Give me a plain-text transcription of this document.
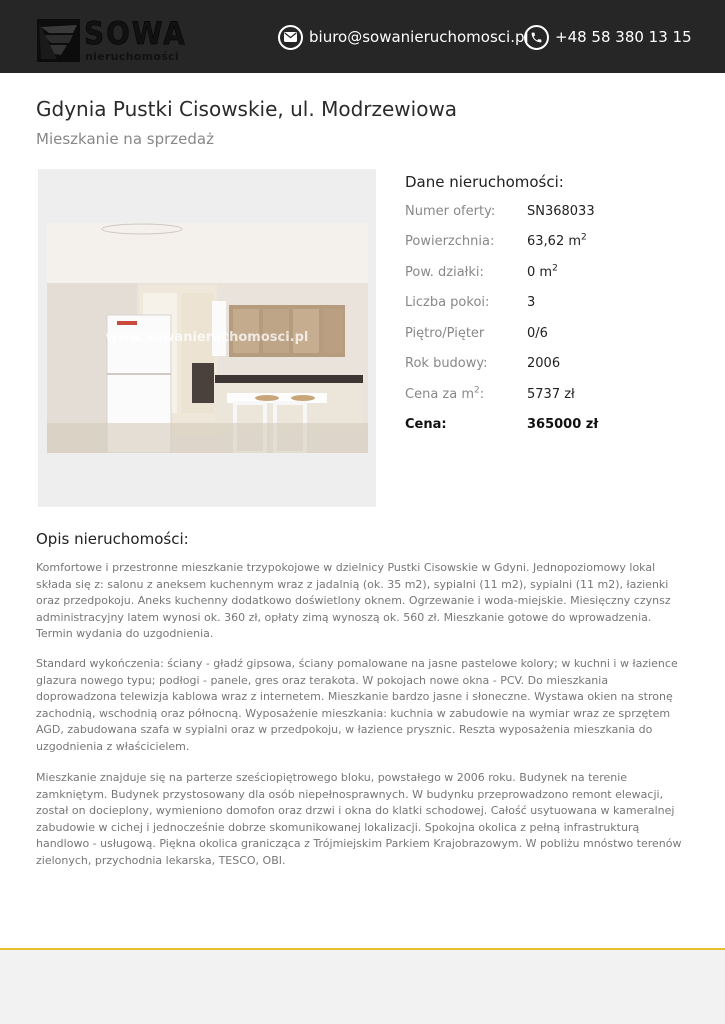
SOWA
nieruchomości
biuro@sowanieruchomosci.pl +48 58 380 13 15
Gdynia Pustki Cisowskie, ul. Modrzewiowa
Mieszkanie na sprzedaż
www.sowanieruchomosci.pl
Dane nieruchomości:
Numer oferty: SN368033
Powierzchnia:	63,62 $m^2$
Pow. działki:	0 $m^2$
Liczba pokoi:	3
Piętro/Pięter	0/6
Rok budowy:	2006
Cena za $m^2$:	5737 zł
Cena:	365000 zł
Opis nieruchomości:

Komfortowe i przestronne mieszkanie trzypokojowe w dzielnicy Pustki Cisowskie w Gdyni. Jednopoziomowy lokal składa się z: salonu z aneksem kuchennym wraz z jadalnią (ok. 35 m2), sypialni (11 m2), sypialni (11 m2), łazienki oraz przedpokoju. Aneks kuchenny dodatkowo doświetlony oknem. Ogrzewanie i woda-miejskie. Miesięczny czynsz administracyjny latem wynosi ok. 360 zł, opłaty zimą wynoszą ok. 560 zł. Mieszkanie gotowe do wprowadzenia. Termin wydania do uzgodnienia.

Standard wykończenia: ściany - gładź gipsowa, ściany pomalowane na jasne pastelowe kolory; w kuchni i w łazience glazura nowego typu; podłogi - panele, gres oraz terakota. W pokojach nowe okna - PCV. Do mieszkania doprowadzona telewizja kablowa wraz z internetem. Mieszkanie bardzo jasne i słoneczne. Wystawa okien na stronę zachodnią, wschodnią oraz północną. Wyposażenie mieszkania: kuchnia w zabudowie na wymiar wraz ze sprzętem AGD, zabudowana szafa w sypialni oraz w przedpokoju, w łazience prysznic. Reszta wyposażenia mieszkania do uzgodnienia z właścicielem.

Mieszkanie znajduje się na parterze sześciopiętrowego bloku, powstałego w 2006 roku. Budynek na terenie zamkniętym. Budynek przystosowany dla osób niepełnosprawnych. W budynku przeprowadzono remont elewacji, został on docieplony, wymieniono domofon oraz drzwi i okna do klatki schodowej. Całość usytuowana w kameralnej zabudowie w cichej i jednocześnie dobrze skomunikowanej lokalizacji. Spokojna okolica z pełną infrastrukturą handlowo - usługową. Piękna okolica granicząca z Trójmiejskim Parkiem Krajobrazowym. W pobliżu mnóstwo terenów zielonych, przychodnia lekarska, TESCO, OBI.
